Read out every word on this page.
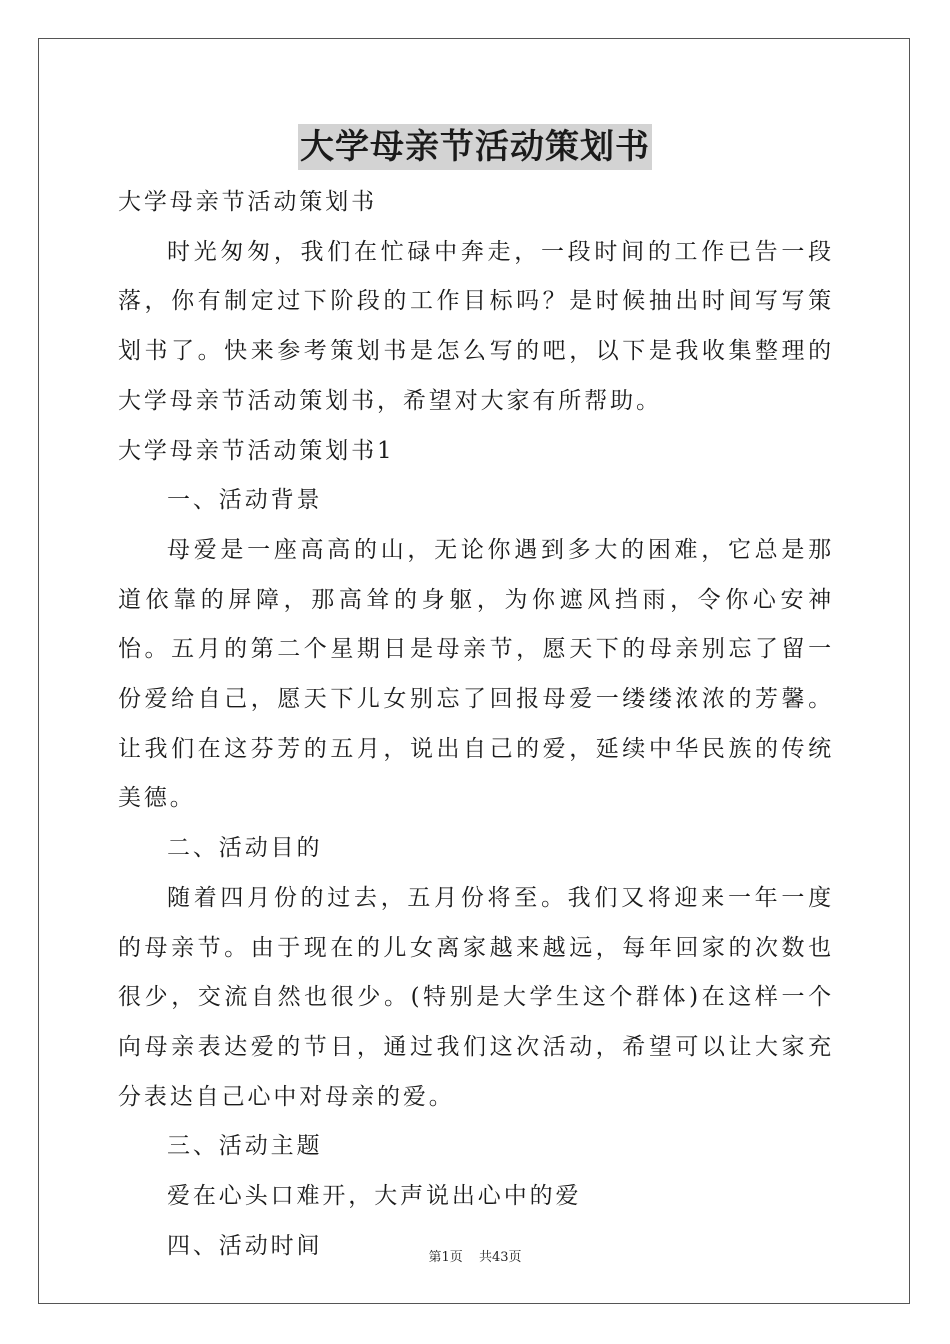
大学母亲节活动策划书

大学母亲节活动策划书

时光匆匆，我们在忙碌中奔走，一段时间的工作已告一段落，你有制定过下阶段的工作目标吗？是时候抽出时间写写策划书了。快来参考策划书是怎么写的吧，以下是我收集整理的大学母亲节活动策划书，希望对大家有所帮助。

大学母亲节活动策划书1

一、活动背景

母爱是一座高高的山，无论你遇到多大的困难，它总是那道依靠的屏障，那高耸的身躯，为你遮风挡雨，令你心安神怡。五月的第二个星期日是母亲节，愿天下的母亲别忘了留一份爱给自己，愿天下儿女别忘了回报母爱一缕缕浓浓的芳馨。让我们在这芬芳的五月，说出自己的爱，延续中华民族的传统美德。

二、活动目的

随着四月份的过去，五月份将至。我们又将迎来一年一度的母亲节。由于现在的儿女离家越来越远，每年回家的次数也很少，交流自然也很少。(特别是大学生这个群体)在这样一个向母亲表达爱的节日，通过我们这次活动，希望可以让大家充分表达自己心中对母亲的爱。

三、活动主题

爱在心头口难开，大声说出心中的爱

四、活动时间	第1页 共43页
